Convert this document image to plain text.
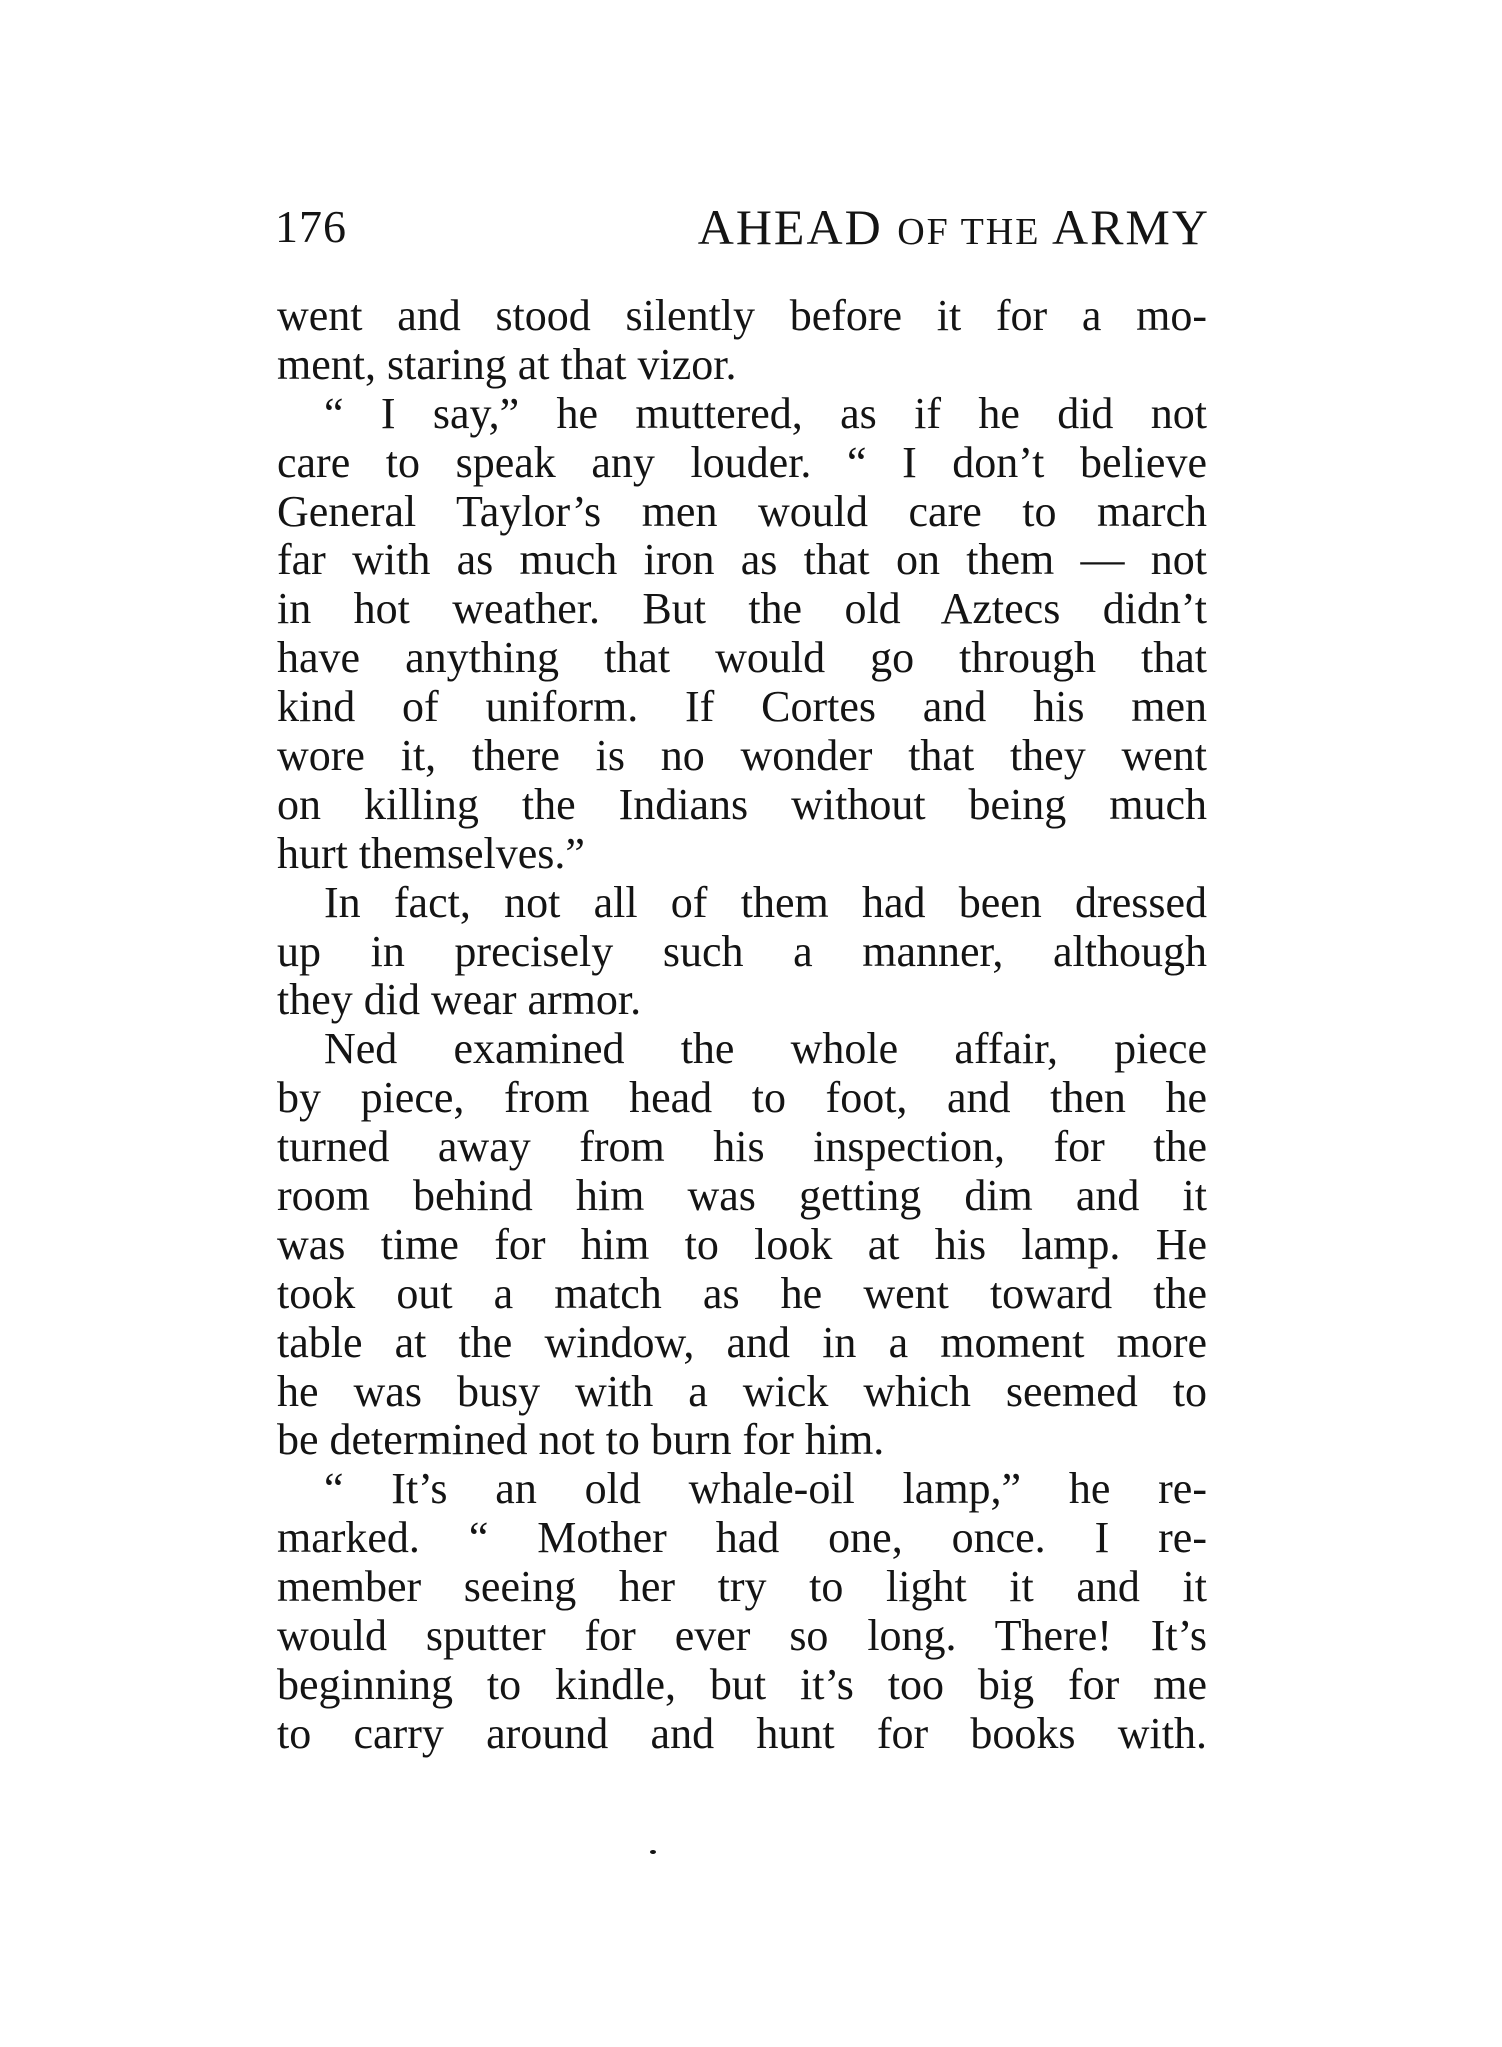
176	AHEAD OF THE ARMY
went and stood silently before it for a mo-
ment, staring at that vizor.
“ I say,” he muttered, as if he did not
care to speak any louder. “ I don’t believe
General Taylor’s men would care to march
far with as much iron as that on them — not
in hot weather. But the old Aztecs didn’t
have anything that would go through that
kind of uniform. If Cortes and his men
wore it, there is no wonder that they went
on killing the Indians without being much
hurt themselves.”
In fact, not all of them had been dressed
up in precisely such a manner, although
they did wear armor.
Ned examined the whole affair, piece
by piece, from head to foot, and then he
turned away from his inspection, for the
room behind him was getting dim and it
was time for him to look at his lamp. He
took out a match as he went toward the
table at the window, and in a moment more
he was busy with a wick which seemed to
be determined not to burn for him.
“ It’s an old whale-oil lamp,” he re-
marked. “ Mother had one, once. I re-
member seeing her try to light it and it
would sputter for ever so long. There! It’s
beginning to kindle, but it’s too big for me
to carry around and hunt for books with.
